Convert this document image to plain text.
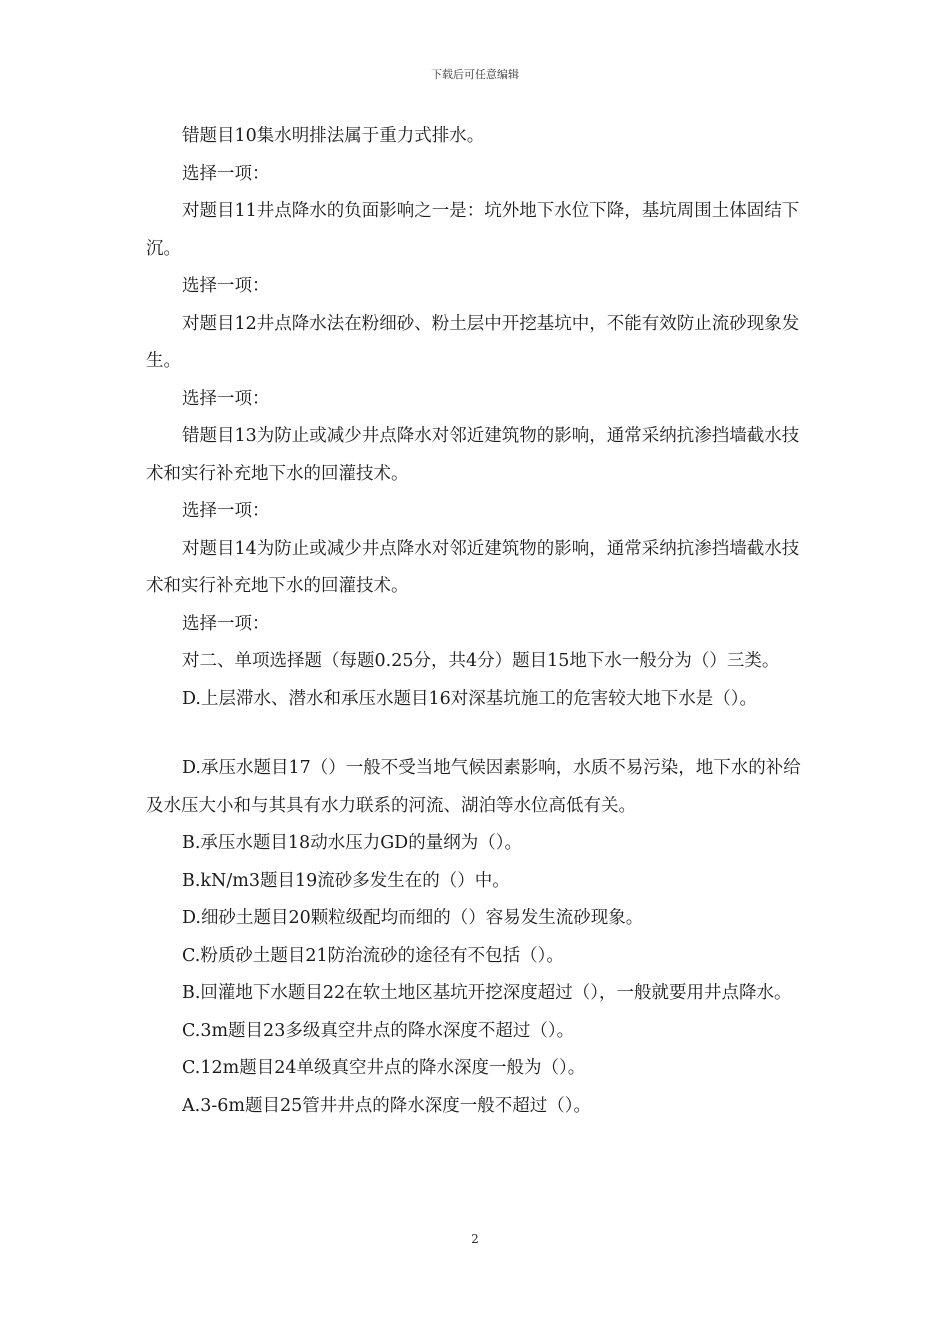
下载后可任意编辑

错题目10集水明排法属于重力式排水。

选择一项：

对题目11井点降水的负面影响之一是：坑外地下水位下降，基坑周围土体固结下沉。

选择一项：

对题目12井点降水法在粉细砂、粉土层中开挖基坑中，不能有效防止流砂现象发生。

选择一项：

错题目13为防止或减少井点降水对邻近建筑物的影响，通常采纳抗渗挡墙截水技术和实行补充地下水的回灌技术。

选择一项：

对题目14为防止或减少井点降水对邻近建筑物的影响，通常采纳抗渗挡墙截水技术和实行补充地下水的回灌技术。

选择一项：

对二、单项选择题（每题0.25分，共4分）题目15地下水一般分为（）三类。

D.上层滞水、潜水和承压水题目16对深基坑施工的危害较大地下水是（）。

D.承压水题目17（）一般不受当地气候因素影响，水质不易污染，地下水的补给及水压大小和与其具有水力联系的河流、湖泊等水位高低有关。

B.承压水题目18动水压力GD的量纲为（）。

B.kN/m3题目19流砂多发生在的（）中。

D.细砂土题目20颗粒级配均而细的（）容易发生流砂现象。

C.粉质砂土题目21防治流砂的途径有不包括（）。

B.回灌地下水题目22在软土地区基坑开挖深度超过（），一般就要用井点降水。

C.3m题目23多级真空井点的降水深度不超过（）。

C.12m题目24单级真空井点的降水深度一般为（）。

A.3-6m题目25管井井点的降水深度一般不超过（）。

2
